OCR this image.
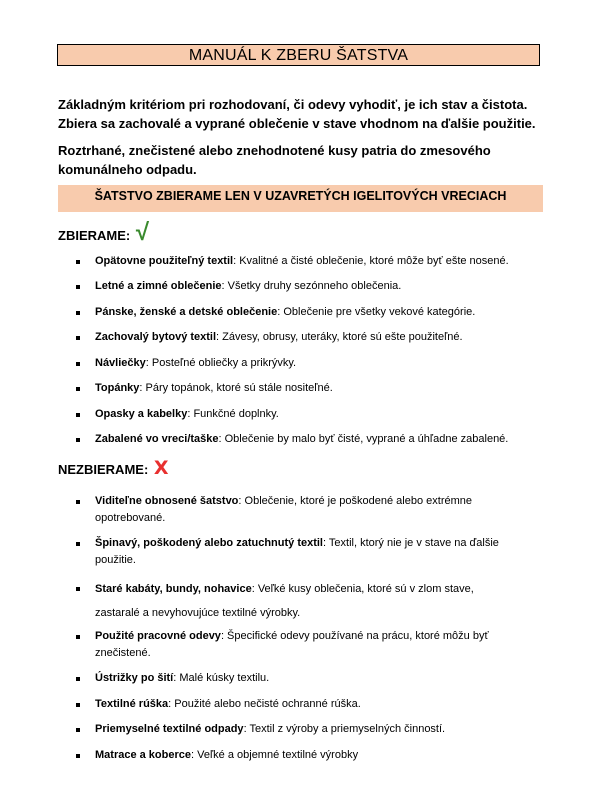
MANUÁL K ZBERU ŠATSTVA
Základným kritériom pri rozhodovaní, či odevy vyhodiť, je ich stav a čistota. Zbiera sa zachovalé a vyprané oblečenie v stave vhodnom na ďalšie použitie.
Roztrhané, znečistené alebo znehodnotené kusy patria do zmesového komunálneho odpadu.
ŠATSTVO ZBIERAME LEN V UZAVRETÝCH IGELITOVÝCH VRECIACH
ZBIERAME: √
Opätovne použiteľný textil: Kvalitné a čisté oblečenie, ktoré môže byť ešte nosené.
Letné a zimné oblečenie: Všetky druhy sezónneho oblečenia.
Pánske, ženské a detské oblečenie: Oblečenie pre všetky vekové kategórie.
Zachovalý bytový textil: Závesy, obrusy, uteráky, ktoré sú ešte použiteľné.
Návliečky: Posteľné obliečky a prikrývky.
Topánky: Páry topánok, ktoré sú stále nositeľné.
Opasky a kabelky: Funkčné doplnky.
Zabalené vo vreci/taške: Oblečenie by malo byť čisté, vyprané a úhľadne zabalené.
NEZBIERAME: X
Viditeľne obnosené šatstvo: Oblečenie, ktoré je poškodené alebo extrémne opotrebované.
Špinavý, poškodený alebo zatuchnutý textil: Textil, ktorý nie je v stave na ďalšie použitie.
Staré kabáty, bundy, nohavice: Veľké kusy oblečenia, ktoré sú v zlom stave, zastaralé a nevyhovujúce textilné výrobky.
Použité pracovné odevy: Špecifické odevy používané na prácu, ktoré môžu byť znečistené.
Ústrižky po šití: Malé kúsky textilu.
Textilné rúška: Použité alebo nečisté ochranné rúška.
Priemyselné textilné odpady: Textil z výroby a priemyselných činností.
Matrace a koberce: Veľké a objemné textilné výrobky
